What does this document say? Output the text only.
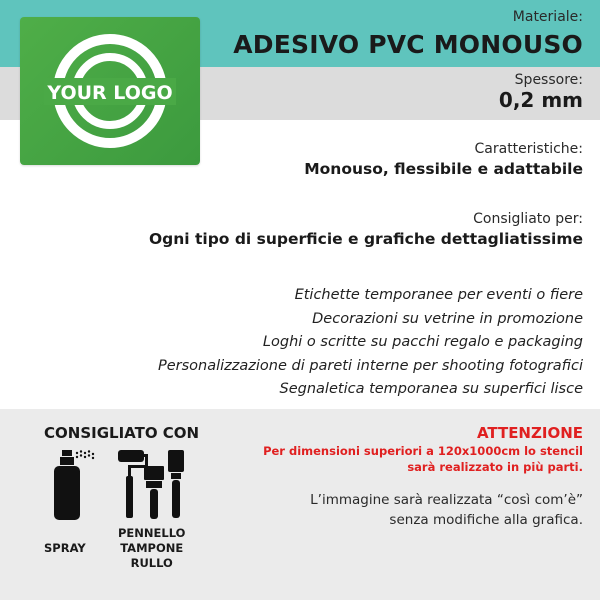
YOUR LOGO
Materiale:
ADESIVO PVC MONOUSO
Spessore:
0,2 mm
Caratteristiche:
Monouso, flessibile e adattabile
Consigliato per:
Ogni tipo di superficie e grafiche dettagliatissime
Etichette temporanee per eventi o fiere
Decorazioni su vetrine in promozione
Loghi o scritte su pacchi regalo e packaging
Personalizzazione di pareti interne per shooting fotografici
Segnaletica temporanea su superfici lisce
CONSIGLIATO CON
SPRAY
PENNELLO
TAMPONE
RULLO
ATTENZIONE
Per dimensioni superiori a 120x1000cm lo stencil
sarà realizzato in più parti.
L’immagine sarà realizzata “così com’è”
senza modifiche alla grafica.
